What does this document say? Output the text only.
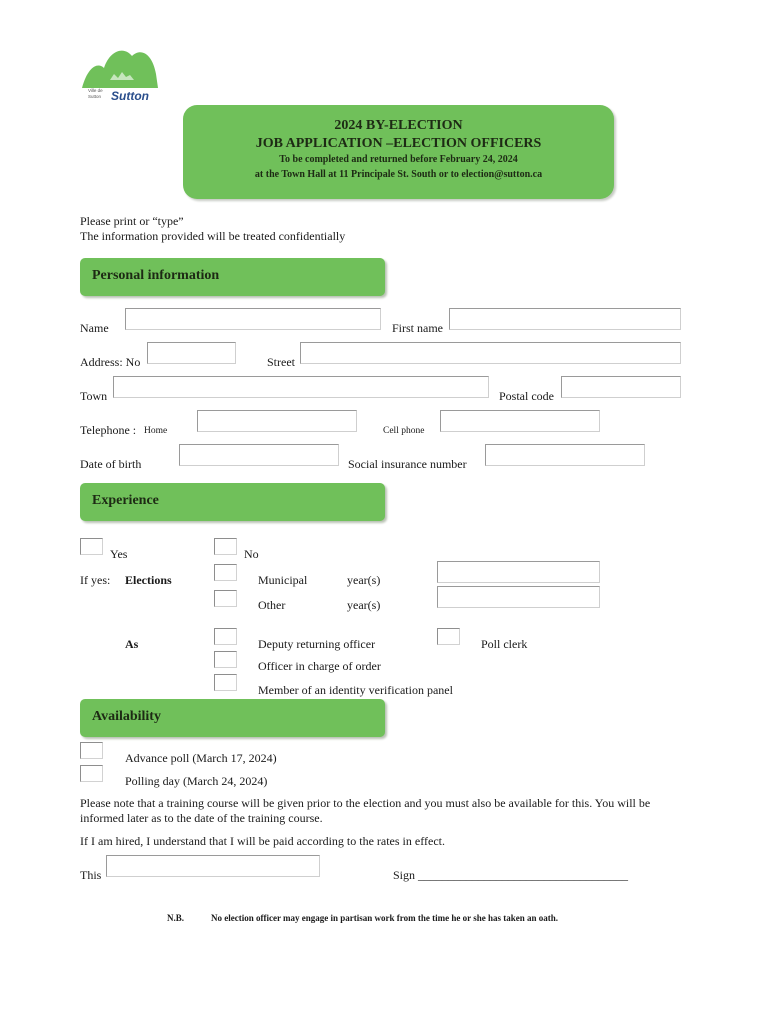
Ville de Sutton Sutton
2024 BY-ELECTION
JOB APPLICATION –ELECTION OFFICERS
To be completed and returned before February 24, 2024
at the Town Hall at 11 Principale St. South or to election@sutton.ca
Please print or “type”
The information provided will be treated confidentially
Personal information
Name	First name
Address: No	Street
Town	Postal code
Telephone : Home	Cell phone
Date of birth	Social insurance number
Experience
Yes	No
If yes: Elections	Municipal	year(s)
Other	year(s)
As	Deputy returning officer	Poll clerk
Officer in charge of order
Member of an identity verification panel
Availability
Advance poll (March 17, 2024)
Polling day (March 24, 2024)
Please note that a training course will be given prior to the election and you must also be available for this. You will be
informed later as to the date of the training course.
If I am hired, I understand that I will be paid according to the rates in effect.
This	Sign ___________________________________
N.B.	No election officer may engage in partisan work from the time he or she has taken an oath.
